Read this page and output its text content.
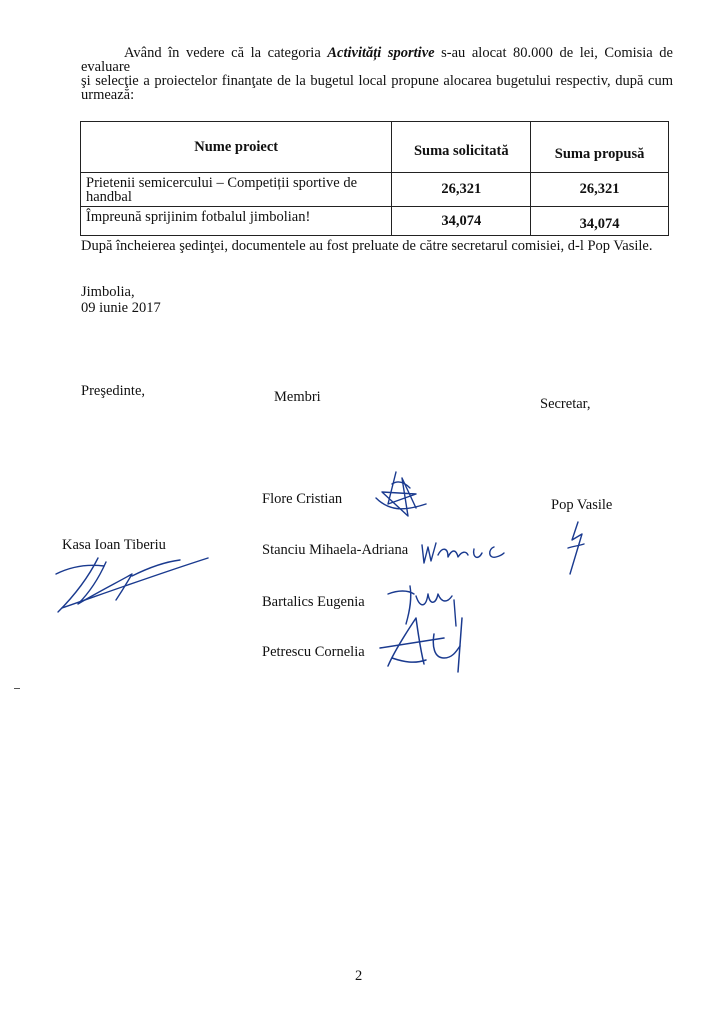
Având în vedere că la categoria Activități sportive s-au alocat 80.000 de lei, Comisia de evaluare
şi selecţie a proiectelor finanţate de la bugetul local propune alocarea bugetului respectiv, după cum
urmează:
Nume proiect	Suma solicitată	Suma propusă
Prietenii semicercului – Competiții sportive de
handbal	26,321	26,321
Împreună sprijinim fotbalul jimbolian!	34,074	34,074
După încheierea şedinţei, documentele au fost preluate de către secretarul comisiei, d-l Pop Vasile.
Jimbolia,
09 iunie 2017
Preşedinte,	Membri	Secretar,
Flore Cristian	Pop Vasile
Kasa Ioan Tiberiu	Stanciu Mihaela-Adriana
Bartalics Eugenia
Petrescu Cornelia
2
